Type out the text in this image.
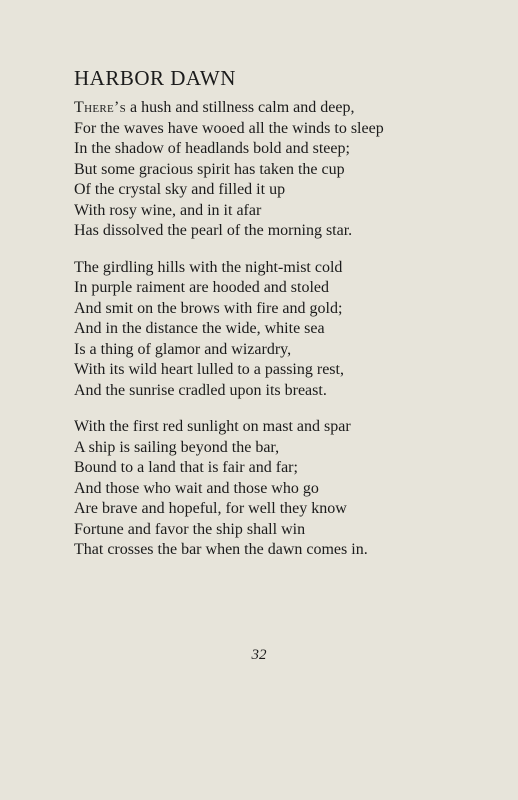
HARBOR DAWN
There’s a hush and stillness calm and deep,
For the waves have wooed all the winds to sleep
In the shadow of headlands bold and steep;
But some gracious spirit has taken the cup
Of the crystal sky and filled it up
With rosy wine, and in it afar
Has dissolved the pearl of the morning star.
The girdling hills with the night-mist cold
In purple raiment are hooded and stoled
And smit on the brows with fire and gold;
And in the distance the wide, white sea
Is a thing of glamor and wizardry,
With its wild heart lulled to a passing rest,
And the sunrise cradled upon its breast.
With the first red sunlight on mast and spar
A ship is sailing beyond the bar,
Bound to a land that is fair and far;
And those who wait and those who go
Are brave and hopeful, for well they know
Fortune and favor the ship shall win
That crosses the bar when the dawn comes in.
32
